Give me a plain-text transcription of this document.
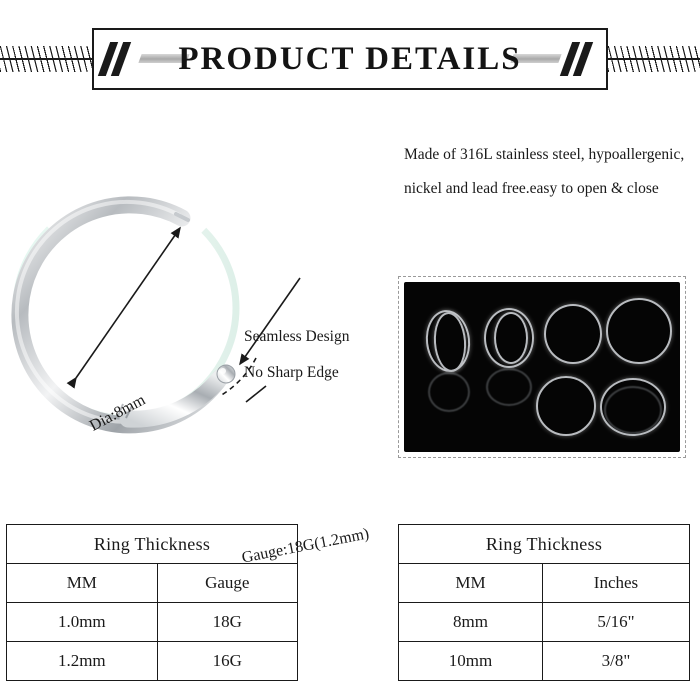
PRODUCT DETAILS
Seamless Design
No Sharp Edge
Dia:8mm
Gauge:18G(1.2mm)
Made of 316L stainless steel, hypoallergenic, nickel and lead free.easy to open & close
Ring Thickness	
MM	Gauge
1.0mm	18G
1.2mm	16G
Ring Thickness	
MM	Inches
8mm	5/16"
10mm	3/8"
